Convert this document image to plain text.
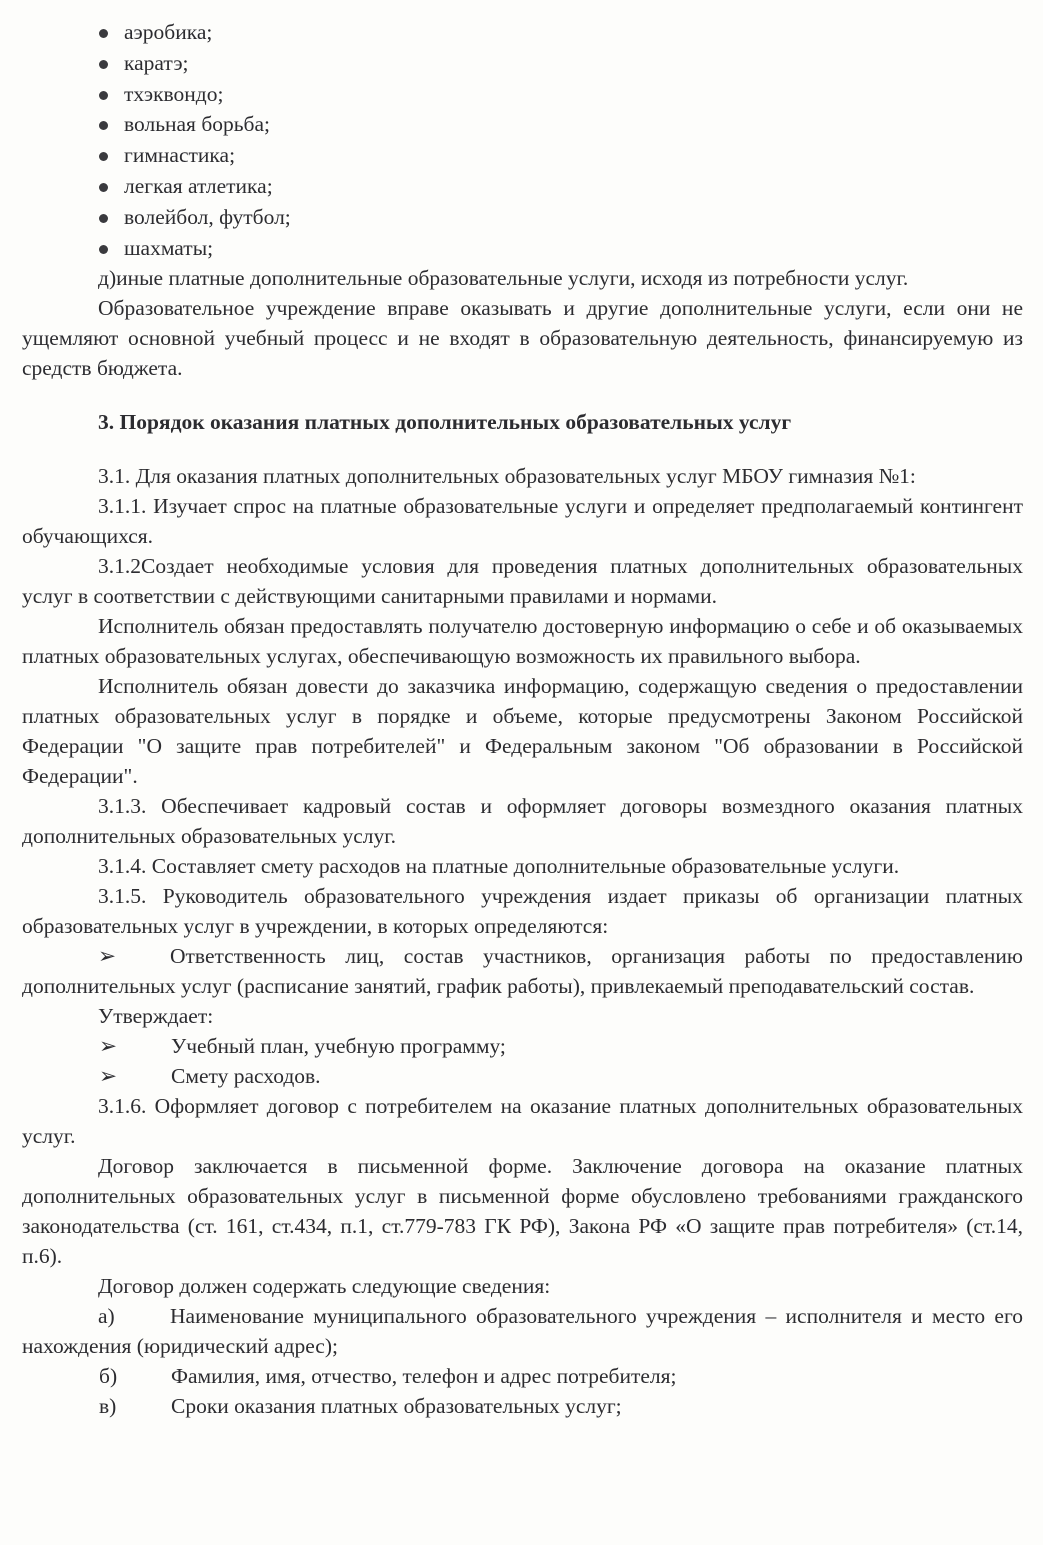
аэробика;
каратэ;
тхэквондо;
вольная борьба;
гимнастика;
легкая атлетика;
волейбол, футбол;
шахматы;

д)иные платные дополнительные образовательные услуги, исходя из потребности услуг.

Образовательное учреждение вправе оказывать и другие дополнительные услуги, если они не ущемляют основной учебный процесс и не входят в образовательную деятельность, финансируемую из средств бюджета.

3. Порядок оказания платных дополнительных образовательных услуг

3.1. Для оказания платных дополнительных образовательных услуг МБОУ гимназия №1:

3.1.1. Изучает спрос на платные образовательные услуги и определяет предполагаемый контингент обучающихся.

3.1.2Создает необходимые условия для проведения платных дополнительных образовательных услуг в соответствии с действующими санитарными правилами и нормами.

Исполнитель обязан предоставлять получателю достоверную информацию о себе и об оказываемых платных образовательных услугах, обеспечивающую возможность их правильного выбора.

Исполнитель обязан довести до заказчика информацию, содержащую сведения о предоставлении платных образовательных услуг в порядке и объеме, которые предусмотрены Законом Российской Федерации "О защите прав потребителей" и Федеральным законом "Об образовании в Российской Федерации".

3.1.3. Обеспечивает кадровый состав и оформляет договоры возмездного оказания платных дополнительных образовательных услуг.

3.1.4. Составляет смету расходов на платные дополнительные образовательные услуги.

3.1.5. Руководитель образовательного учреждения издает приказы об организации платных образовательных услуг в учреждении, в которых определяются:

➢	Ответственность лиц, состав участников, организация работы по предоставлению дополнительных услуг (расписание занятий, график работы), привлекаемый преподавательский состав.

Утверждает:

➢	Учебный план, учебную программу;
➢	Смету расходов.

3.1.6. Оформляет договор с потребителем на оказание платных дополнительных образовательных услуг.

Договор заключается в письменной форме. Заключение договора на оказание платных дополнительных образовательных услуг в письменной форме обусловлено требованиями гражданского законодательства (ст. 161, ст.434, п.1, ст.779-783 ГК РФ), Закона РФ «О защите прав потребителя» (ст.14, п.6).

Договор должен содержать следующие сведения:

а)	Наименование муниципального образовательного учреждения – исполнителя и место его нахождения (юридический адрес);

б)	Фамилия, имя, отчество, телефон и адрес потребителя;
в)	Сроки оказания платных образовательных услуг;
